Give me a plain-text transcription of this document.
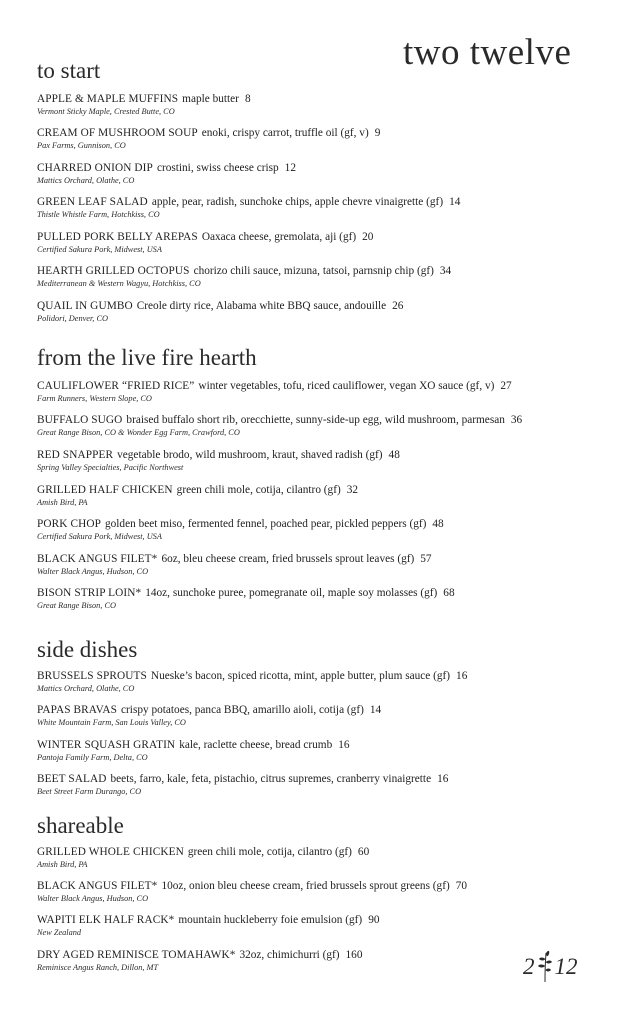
two twelve
to start
APPLE & MAPLE MUFFINS maple butter 8
Vermont Sticky Maple, Crested Butte, CO
CREAM OF MUSHROOM SOUP enoki, crispy carrot, truffle oil (gf, v) 9
Pax Farms, Gunnison, CO
CHARRED ONION DIP crostini, swiss cheese crisp 12
Mattics Orchard, Olathe, CO
GREEN LEAF SALAD apple, pear, radish, sunchoke chips, apple chevre vinaigrette (gf) 14
Thistle Whistle Farm, Hotchkiss, CO
PULLED PORK BELLY AREPAS Oaxaca cheese, gremolata, aji (gf) 20
Certified Sakura Pork, Midwest, USA
HEARTH GRILLED OCTOPUS chorizo chili sauce, mizuna, tatsoi, parnsnip chip (gf) 34
Mediterranean & Western Wagyu, Hotchkiss, CO
QUAIL IN GUMBO Creole dirty rice, Alabama white BBQ sauce, andouille 26
Polidori, Denver, CO
from the live fire hearth
CAULIFLOWER “FRIED RICE” winter vegetables, tofu, riced cauliflower, vegan XO sauce (gf, v) 27
Farm Runners, Western Slope, CO
BUFFALO SUGO braised buffalo short rib, orecchiette, sunny-side-up egg, wild mushroom, parmesan 36
Great Range Bison, CO & Wonder Egg Farm, Crawford, CO
RED SNAPPER vegetable brodo, wild mushroom, kraut, shaved radish (gf) 48
Spring Valley Specialties, Pacific Northwest
GRILLED HALF CHICKEN green chili mole, cotija, cilantro (gf) 32
Amish Bird, PA
PORK CHOP golden beet miso, fermented fennel, poached pear, pickled peppers (gf) 48
Certified Sakura Pork, Midwest, USA
BLACK ANGUS FILET* 6oz, bleu cheese cream, fried brussels sprout leaves (gf) 57
Walter Black Angus, Hudson, CO
BISON STRIP LOIN* 14oz, sunchoke puree, pomegranate oil, maple soy molasses (gf) 68
Great Range Bison, CO
side dishes
BRUSSELS SPROUTS Nueske’s bacon, spiced ricotta, mint, apple butter, plum sauce (gf) 16
Mattics Orchard, Olathe, CO
PAPAS BRAVAS crispy potatoes, panca BBQ, amarillo aioli, cotija (gf) 14
White Mountain Farm, San Louis Valley, CO
WINTER SQUASH GRATIN kale, raclette cheese, bread crumb 16
Pantoja Family Farm, Delta, CO
BEET SALAD beets, farro, kale, feta, pistachio, citrus supremes, cranberry vinaigrette 16
Beet Street Farm Durango, CO
shareable
GRILLED WHOLE CHICKEN green chili mole, cotija, cilantro (gf) 60
Amish Bird, PA
BLACK ANGUS FILET* 10oz, onion bleu cheese cream, fried brussels sprout greens (gf) 70
Walter Black Angus, Hudson, CO
WAPITI ELK HALF RACK* mountain huckleberry foie emulsion (gf) 90
New Zealand
DRY AGED REMINISCE TOMAHAWK* 32oz, chimichurri (gf) 160
Reminisce Angus Ranch, Dillon, MT	2 12
